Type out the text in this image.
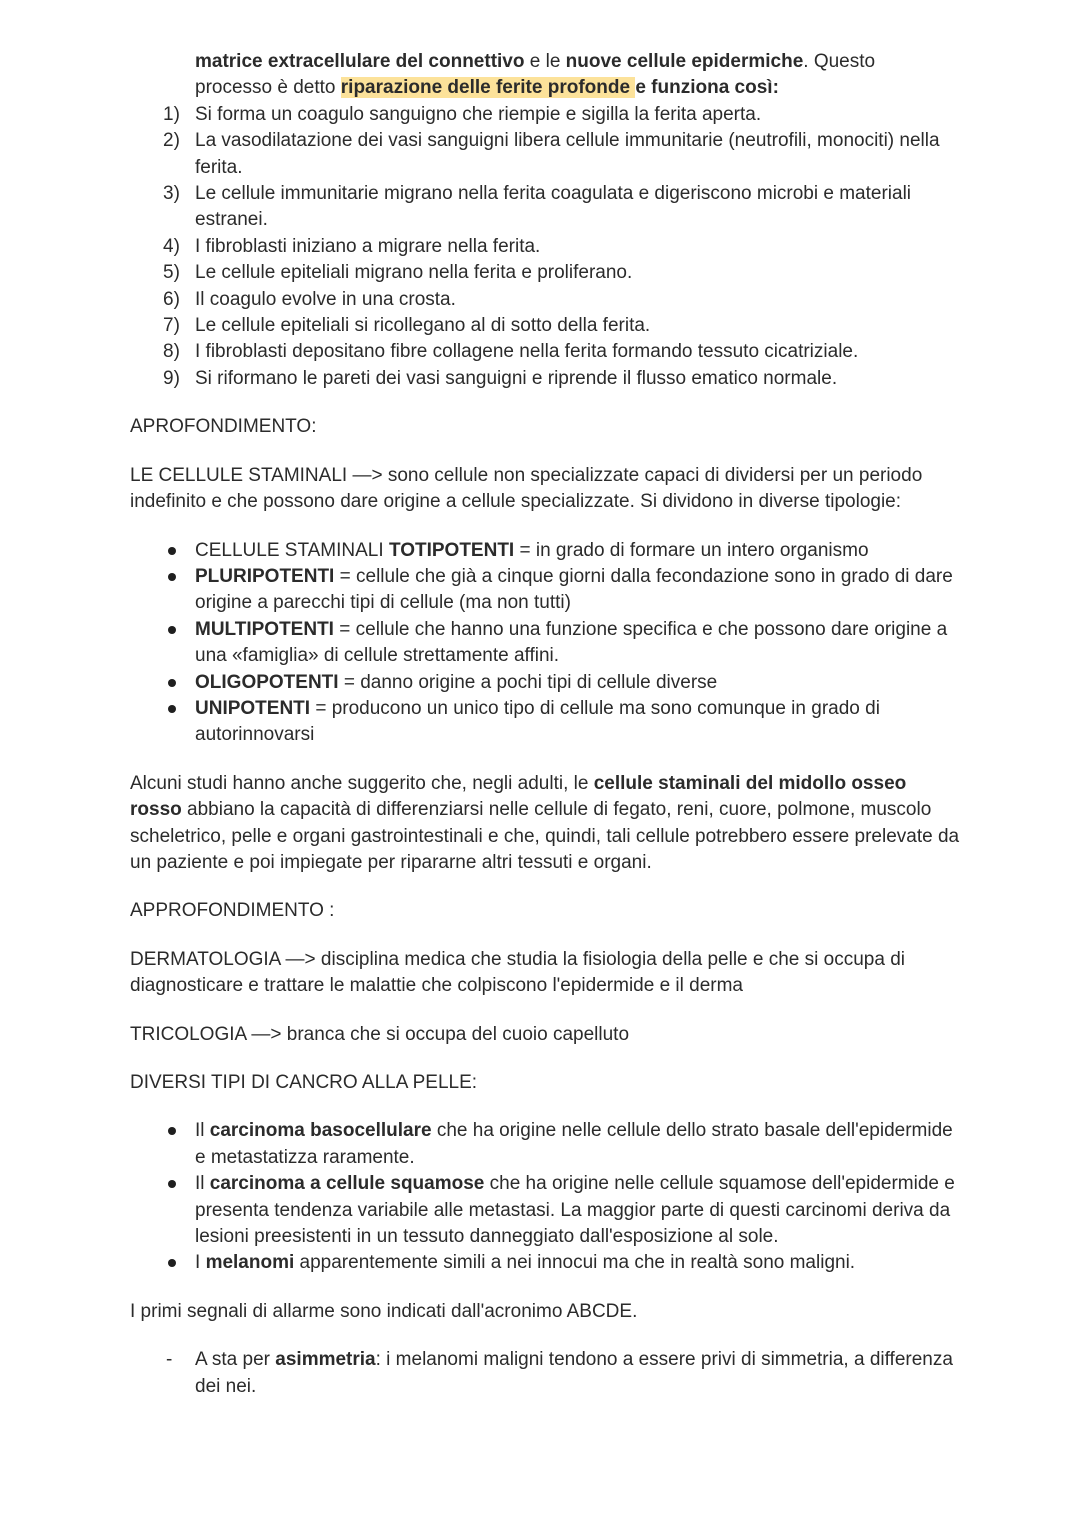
matrice extracellulare del connettivo e le nuove cellule epidermiche. Questo
processo è detto riparazione delle ferite profonde e funziona così:

1) Si forma un coagulo sanguigno che riempie e sigilla la ferita aperta.
2) La vasodilatazione dei vasi sanguigni libera cellule immunitarie (neutrofili, monociti) nella ferita.
3) Le cellule immunitarie migrano nella ferita coagulata e digeriscono microbi e materiali estranei.
4) I fibroblasti iniziano a migrare nella ferita.
5) Le cellule epiteliali migrano nella ferita e proliferano.
6) Il coagulo evolve in una crosta.
7) Le cellule epiteliali si ricollegano al di sotto della ferita.
8) I fibroblasti depositano fibre collagene nella ferita formando tessuto cicatriziale.
9) Si riformano le pareti dei vasi sanguigni e riprende il flusso ematico normale.

APROFONDIMENTO:

LE CELLULE STAMINALI —> sono cellule non specializzate capaci di dividersi per un periodo indefinito e che possono dare origine a cellule specializzate. Si dividono in diverse tipologie:

CELLULE STAMINALI TOTIPOTENTI = in grado di formare un intero organismo
PLURIPOTENTI = cellule che già a cinque giorni dalla fecondazione sono in grado di dare origine a parecchi tipi di cellule (ma non tutti)
MULTIPOTENTI = cellule che hanno una funzione specifica e che possono dare origine a una «famiglia» di cellule strettamente affini.
OLIGOPOTENTI = danno origine a pochi tipi di cellule diverse
UNIPOTENTI = producono un unico tipo di cellule ma sono comunque in grado di autorinnovarsi

Alcuni studi hanno anche suggerito che, negli adulti, le cellule staminali del midollo osseo rosso abbiano la capacità di differenziarsi nelle cellule di fegato, reni, cuore, polmone, muscolo scheletrico, pelle e organi gastrointestinali e che, quindi, tali cellule potrebbero essere prelevate da un paziente e poi impiegate per ripararne altri tessuti e organi.

APPROFONDIMENTO :

DERMATOLOGIA —> disciplina medica che studia la fisiologia della pelle e che si occupa di diagnosticare e trattare le malattie che colpiscono l'epidermide e il derma

TRICOLOGIA —> branca che si occupa del cuoio capelluto

DIVERSI TIPI DI CANCRO ALLA PELLE:

Il carcinoma basocellulare che ha origine nelle cellule dello strato basale dell'epidermide e metastatizza raramente.
Il carcinoma a cellule squamose che ha origine nelle cellule squamose dell'epidermide e presenta tendenza variabile alle metastasi. La maggior parte di questi carcinomi deriva da lesioni preesistenti in un tessuto danneggiato dall'esposizione al sole.
I melanomi apparentemente simili a nei innocui ma che in realtà sono maligni.

I primi segnali di allarme sono indicati dall'acronimo ABCDE.

- A sta per asimmetria: i melanomi maligni tendono a essere privi di simmetria, a differenza dei nei.
